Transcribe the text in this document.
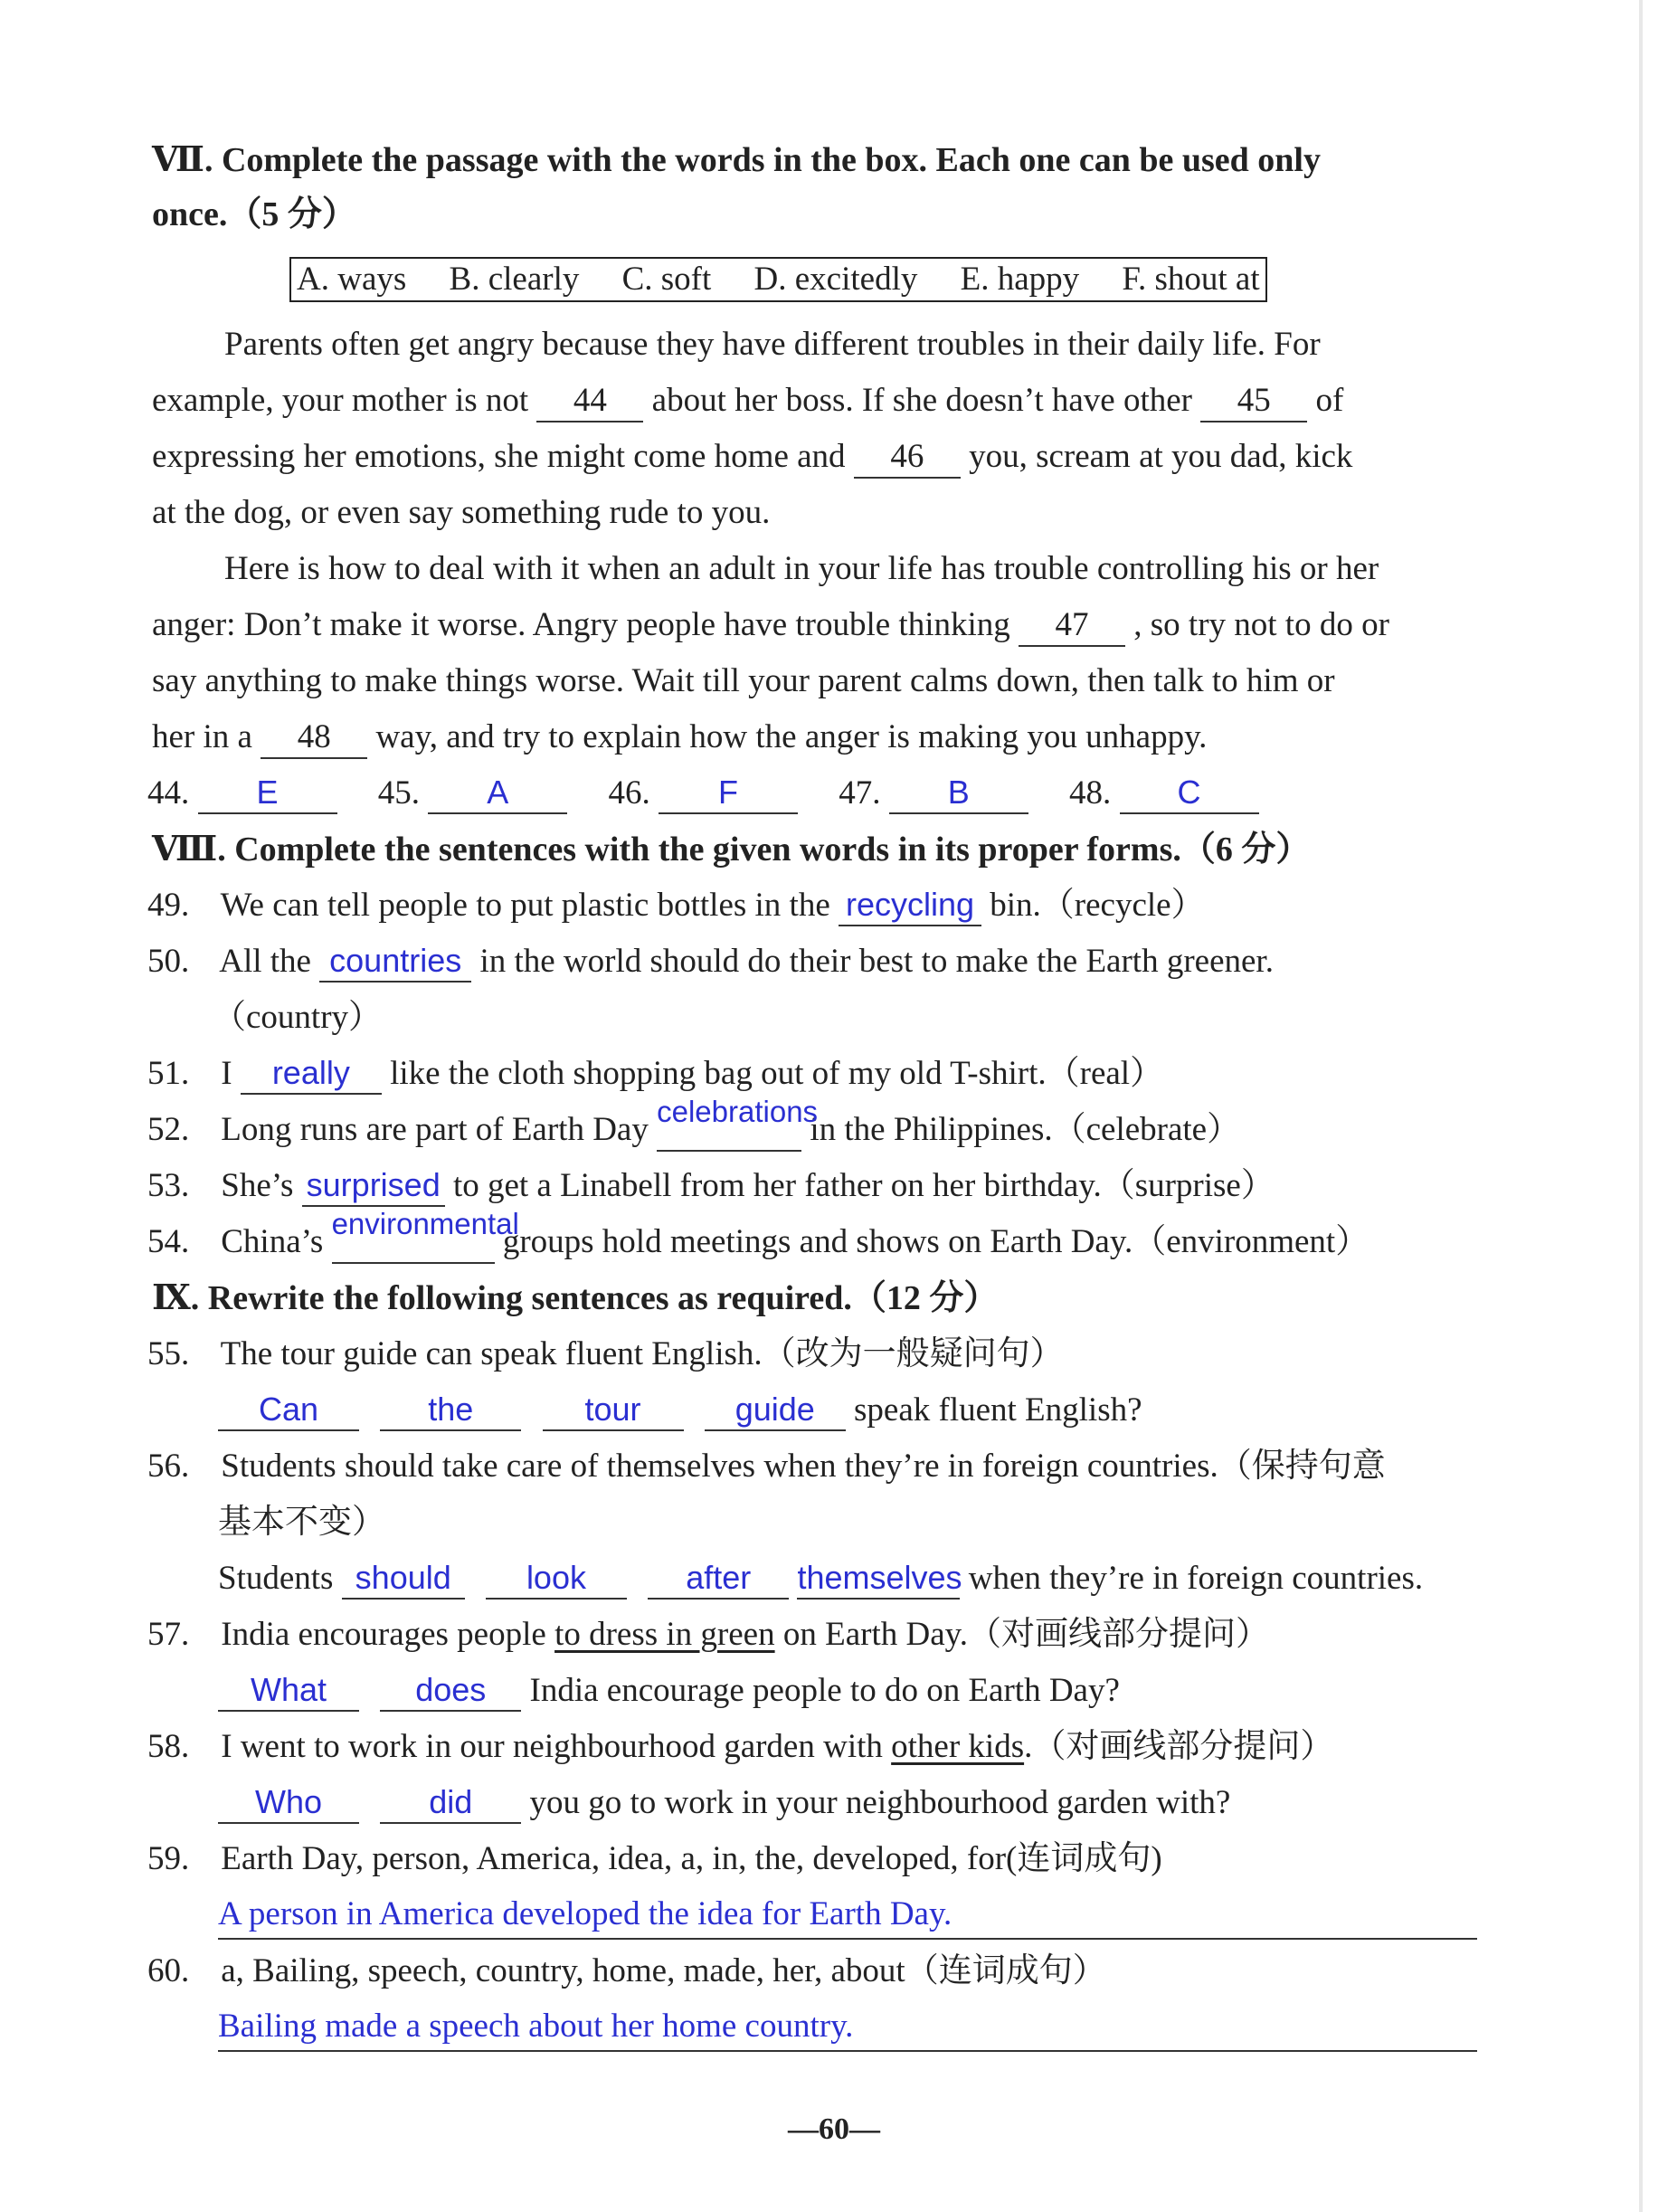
Ⅶ. Complete the passage with the words in the box. Each one can be used only
once.（5 分）
A. ways B. clearly C. soft D. excitedly E. happy F. shout at
Parents often get angry because they have different troubles in their daily life. For
example, your mother is not 44 about her boss. If she doesn’t have other 45 of
expressing her emotions, she might come home and 46 you, scream at you dad, kick
at the dog, or even say something rude to you.
Here is how to deal with it when an adult in your life has trouble controlling his or her
anger: Don’t make it worse. Angry people have trouble thinking 47 , so try not to do or
say anything to make things worse. Wait till your parent calms down, then talk to him or
her in a 48 way, and try to explain how the anger is making you unhappy.
44. E	45. A	46. F	47. B	48. C
Ⅷ. Complete the sentences with the given words in its proper forms.（6 分）
49. We can tell people to put plastic bottles in the recycling bin.（recycle）
50. All the countries in the world should do their best to make the Earth greener.
（country）
51. I really like the cloth shopping bag out of my old T-shirt.（real）
52. Long runs are part of Earth Day celebrations in the Philippines.（celebrate）
53. She’s surprised to get a Linabell from her father on her birthday.（surprise）
54. China’s environmental groups hold meetings and shows on Earth Day.（environment）
Ⅸ. Rewrite the following sentences as required.（12 分）
55. The tour guide can speak fluent English.（改为一般疑问句）
Can	the	tour	guide speak fluent English?
56. Students should take care of themselves when they’re in foreign countries.（保持句意
基本不变）
Students should look	after themselves when they’re in foreign countries.
57. India encourages people to dress in green on Earth Day.（对画线部分提问）
What	does India encourage people to do on Earth Day?
58. I went to work in our neighbourhood garden with other kids.（对画线部分提问）
Who	did you go to work in your neighbourhood garden with?
59. Earth Day, person, America, idea, a, in, the, developed, for(连词成句)
A person in America developed the idea for Earth Day.
60. a, Bailing, speech, country, home, made, her, about（连词成句）
Bailing made a speech about her home country.
—60—
